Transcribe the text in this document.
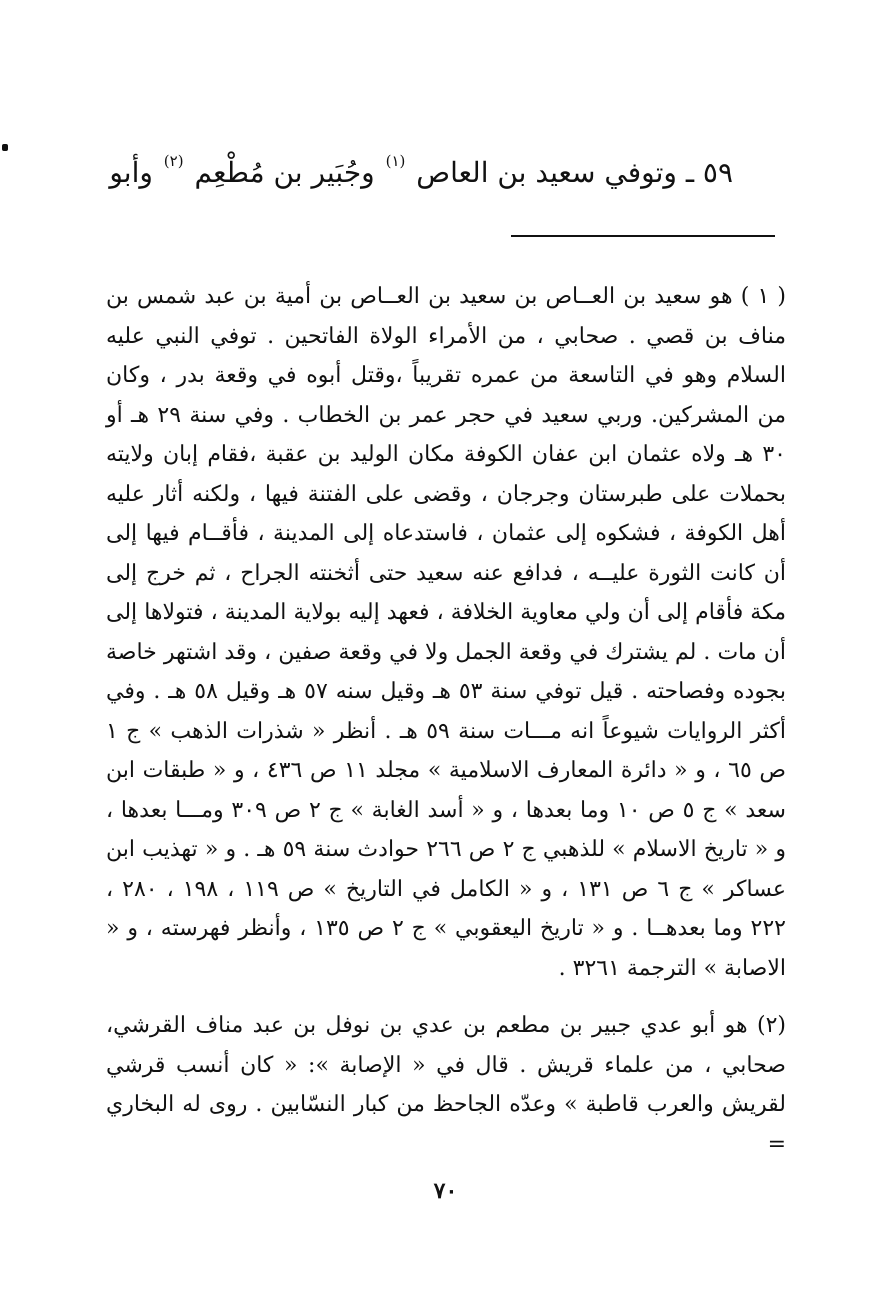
٥٩ ـ وتوفي سعيد بن العاص $^{(١)}$ وجُبَير بن مُطْعِم $^{(٢)}$ وأبو

( ١ ) هو سعيد بن العــاص بن سعيد بن العــاص بن أمية بن عبد شمس بن مناف بن قصي . صحابي ، من الأمراء الولاة الفاتحين . توفي النبي عليه السلام وهو في التاسعة من عمره تقريباً ،وقتل أبوه في وقعة بدر ، وكان من المشركين. وربي سعيد في حجر عمر بن الخطاب . وفي سنة ٢٩ هـ أو ٣٠ هـ ولاه عثمان ابن عفان الكوفة مكان الوليد بن عقبة ،فقام إبان ولايته بحملات على طبرستان وجرجان ، وقضى على الفتنة فيها ، ولكنه أثار عليه أهل الكوفة ، فشكوه إلى عثمان ، فاستدعاه إلى المدينة ، فأقــام فيها إلى أن كانت الثورة عليــه ، فدافع عنه سعيد حتى أثخنته الجراح ، ثم خرج إلى مكة فأقام إلى أن ولي معاوية الخلافة ، فعهد إليه بولاية المدينة ، فتولاها إلى أن مات . لم يشترك في وقعة الجمل ولا في وقعة صفين ، وقد اشتهر خاصة بجوده وفصاحته . قيل توفي سنة ٥٣ هـ وقيل سنه ٥٧ هـ وقيل ٥٨ هـ . وفي أكثر الروايات شيوعاً انه مـــات سنة ٥٩ هـ . أنظر « شذرات الذهب » ج ١ ص ٦٥ ، و « دائرة المعارف الاسلامية » مجلد ١١ ص ٤٣٦ ، و « طبقات ابن سعد » ج ٥ ص ١٠ وما بعدها ، و « أسد الغابة » ج ٢ ص ٣٠٩ ومـــا بعدها ، و « تاريخ الاسلام » للذهبي ج ٢ ص ٢٦٦ حوادث سنة ٥٩ هـ . و « تهذيب ابن عساكر » ج ٦ ص ١٣١ ، و « الكامل في التاريخ » ص ١١٩ ، ١٩٨ ، ٢٨٠ ، ٢٢٢ وما بعدهــا . و « تاريخ اليعقوبي » ج ٢ ص ١٣٥ ، وأنظر فهرسته ، و « الاصابة » الترجمة ٣٢٦١ .

(٢) هو أبو عدي جبير بن مطعم بن عدي بن نوفل بن عبد مناف القرشي، صحابي ، من علماء قريش . قال في « الإصابة »: « كان أنسب قرشي لقريش والعرب قاطبة » وعدّه الجاحظ من كبار النسّابين . روى له البخاري =

٧٠
